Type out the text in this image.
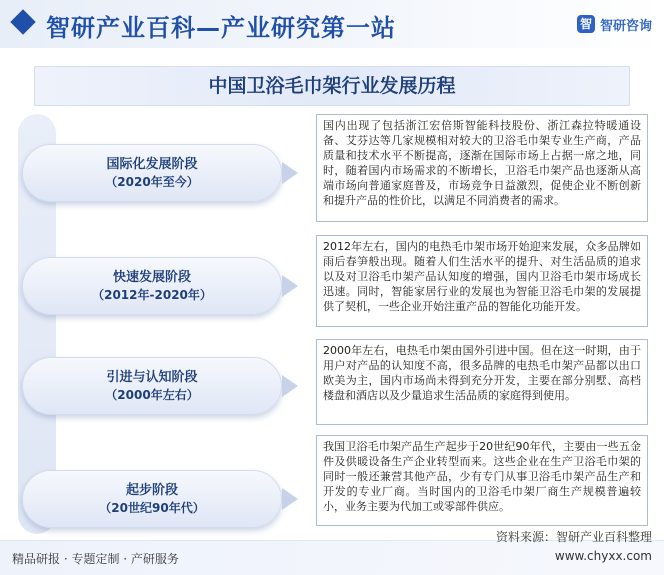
智研产业百科—产业研究第一站	智 智研咨询
中国卫浴毛巾架行业发展历程
国际化发展阶段
（2020年至今）
国内出现了包括浙江宏倍斯智能科技股份、浙江森拉特暖通设备、艾芬达等几家规模相对较大的卫浴毛巾架专业生产商，产品质量和技术水平不断提高，逐渐在国际市场上占据一席之地，同时，随着国内市场需求的不断增长，卫浴毛巾架产品也逐渐从高端市场向普通家庭普及，市场竞争日益激烈，促使企业不断创新和提升产品的性价比，以满足不同消费者的需求。
快速发展阶段
（2012年-2020年）
2012年左右，国内的电热毛巾架市场开始迎来发展，众多品牌如雨后春笋般出现。随着人们生活水平的提升、对生活品质的追求以及对卫浴毛巾架产品认知度的增强，国内卫浴毛巾架市场成长迅速。同时，智能家居行业的发展也为智能卫浴毛巾架的发展提供了契机，一些企业开始注重产品的智能化功能开发。
引进与认知阶段
（2000年左右）
2000年左右，电热毛巾架由国外引进中国。但在这一时期，由于用户对产品的认知度不高，很多品牌的电热毛巾架产品都以出口欧美为主，国内市场尚未得到充分开发，主要在部分别墅、高档楼盘和酒店以及少量追求生活品质的家庭得到使用。
起步阶段
（20世纪90年代）
我国卫浴毛巾架产品生产起步于20世纪90年代，主要由一些五金件及供暖设备生产企业转型而来。这些企业在生产卫浴毛巾架的同时一般还兼营其他产品，少有专门从事卫浴毛巾架产品生产和开发的专业厂商。当时国内的卫浴毛巾架厂商生产规模普遍较小，业务主要为代加工或零部件供应。
精品研报 · 专题定制 · 产研服务
资料来源：智研产业百科整理
www.chyxx.com
